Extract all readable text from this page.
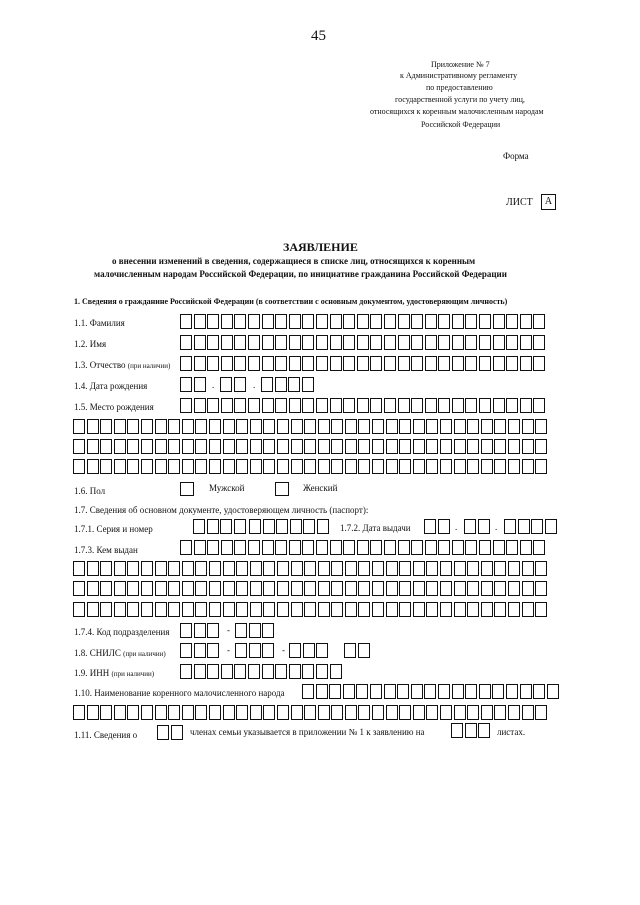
45
Приложение № 7
к Административному регламенту
по предоставлению
государственной услуги по учету лиц,
относящихся к коренным малочисленным народам
Российской Федерации
Форма
ЛИСТ	А
ЗАЯВЛЕНИЕ
о внесении изменений в сведения, содержащиеся в списке лиц, относящихся к коренным
малочисленным народам Российской Федерации, по инициативе гражданина Российской Федерации
1. Сведения о гражданине Российской Федерации (в соответствии с основным документом, удостоверяющим личность)
1.1. Фамилия
1.2. Имя
1.3. Отчество (при наличии)
1.4. Дата рождения	.	.
1.5. Место рождения
1.6. Пол	Мужской	Женский
1.7. Сведения об основном документе, удостоверяющем личность (паспорт):
1.7.1. Серия и номер	1.7.2. Дата выдачи	.	.
1.7.3. Кем выдан
1.7.4. Код подразделения	-
1.8. СНИЛС (при наличии)	-	-
1.9. ИНН (при наличии)
1.10. Наименование коренного малочисленного народа
1.11. Сведения о	членах семьи указывается в приложении № 1 к заявлению на	листах.
